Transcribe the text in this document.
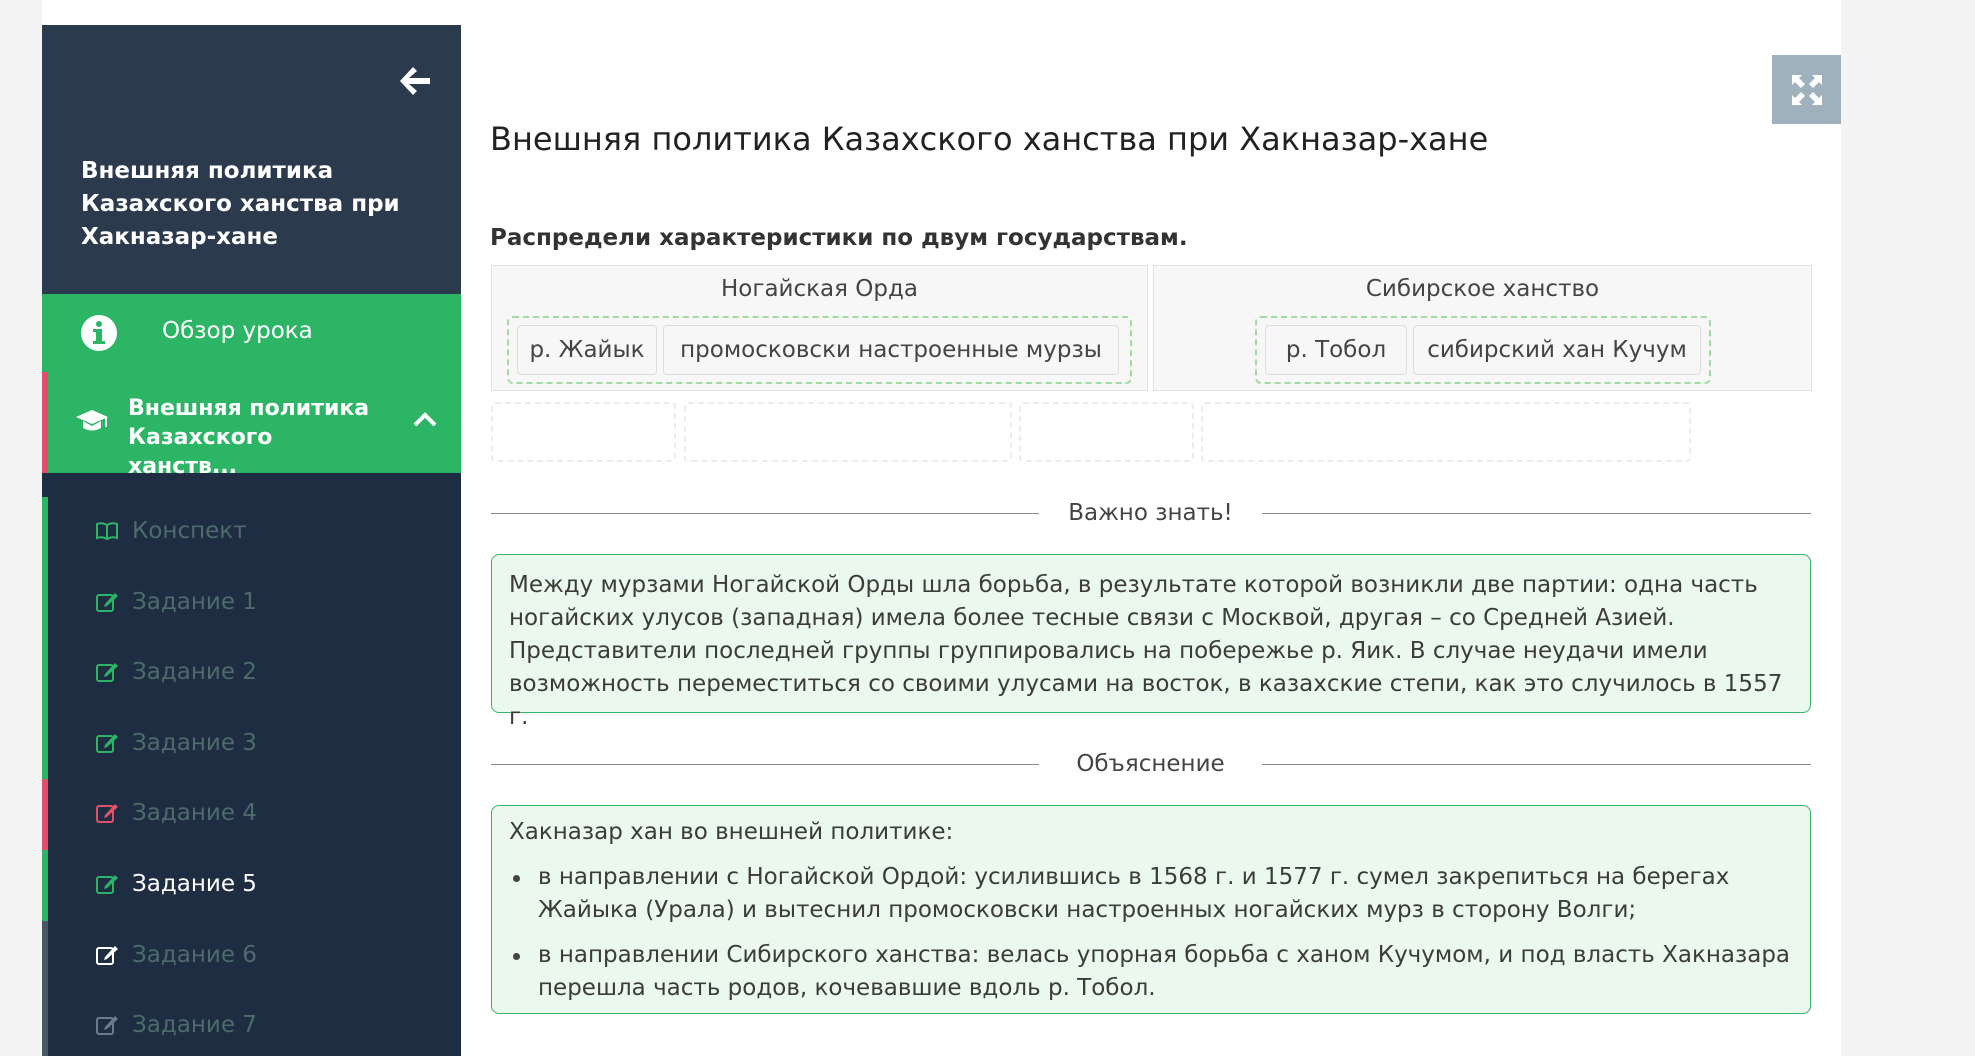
Внешняя политика Казахского ханства при Хакназар-хане
Обзор урока
Внешняя политика Казахского ханств...
Конспект
Задание 1
Задание 2
Задание 3
Задание 4
Задание 5
Задание 6
Задание 7
Внешняя политика Казахского ханства при Хакназар-хане
Распредели характеристики по двум государствам.
Ногайская Орда
р. Жайык	промосковски настроенные мурзы
Сибирское ханство
р. Тобол	сибирский хан Кучум
Важно знать!

Между мурзами Ногайской Орды шла борьба, в результате которой возникли две партии: одна часть ногайских улусов (западная) имела более тесные связи с Москвой, другая – со Средней Азией. Представители последней группы группировались на побережье р. Яик. В случае неудачи имели возможность переместиться со своими улусами на восток, в казахские степи, как это случилось в 1557 г.

Объяснение

Хакназар хан во внешней политике:

в направлении с Ногайской Ордой: усилившись в 1568 г. и 1577 г. сумел закрепиться на берегах Жайыка (Урала) и вытеснил промосковски настроенных ногайских мурз в сторону Волги;
в направлении Сибирского ханства: велась упорная борьба с ханом Кучумом, и под власть Хакназара перешла часть родов, кочевавшие вдоль р. Тобол.
